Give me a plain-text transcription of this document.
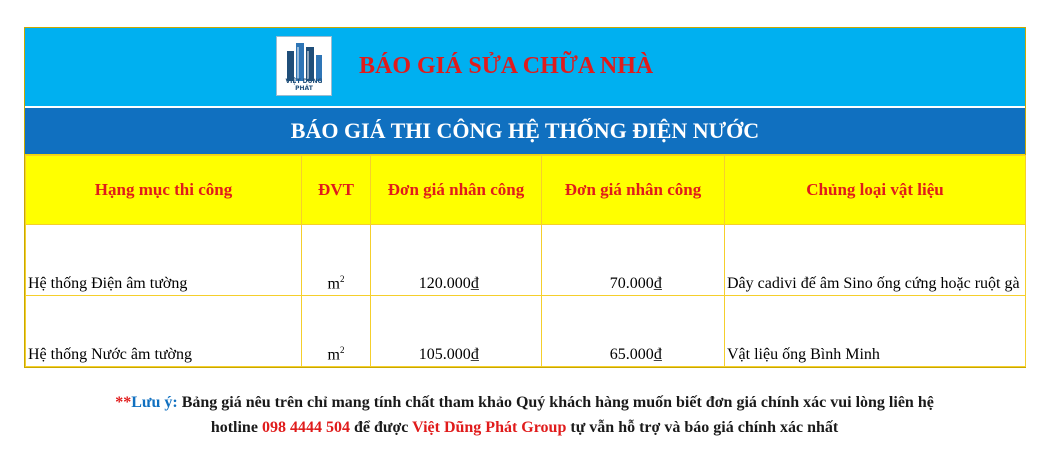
VIỆT DŨNG PHÁT
BÁO GIÁ SỬA CHỮA NHÀ
BÁO GIÁ THI CÔNG HỆ THỐNG ĐIỆN NƯỚC
Hạng mục thi công	ĐVT	Đơn giá nhân công	Đơn giá nhân công	Chủng loại vật liệu
Hệ thống Điện âm tường	$m^2$	120.000₫	70.000₫	Dây cadivi đế âm Sino ống cứng hoặc ruột gà
Hệ thống Nước âm tường	$m^2$	105.000₫	65.000₫	Vật liệu ống Bình Minh
**Lưu ý: Bảng giá nêu trên chỉ mang tính chất tham khảo Quý khách hàng muốn biết đơn giá chính xác vui lòng liên hệ
hotline 098 4444 504 để được Việt Dũng Phát Group tự vẫn hỗ trợ và báo giá chính xác nhất
